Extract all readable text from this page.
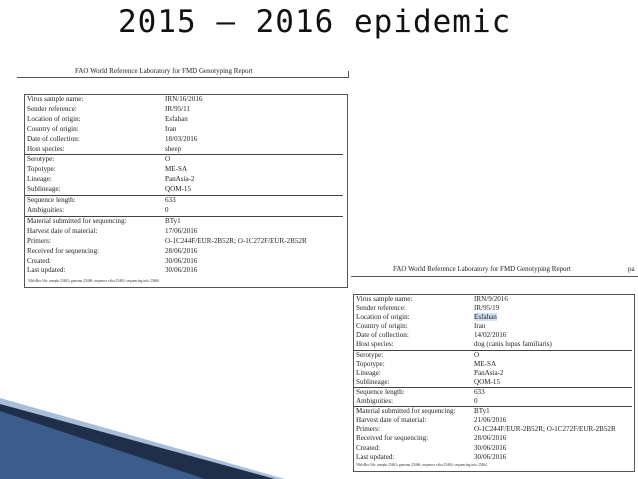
2015 – 2016 epidemic
FAO World Reference Laboratory for FMD Genotyping Report
Virus sample name:	IRN/16/2016
Sender reference:	IR/95/11
Location of origin:	Esfahan
Country of origin:	Iran
Date of collection:	18/03/2016
Host species:	sheep
Serotype:	O
Topotype:	ME-SA
Lineage:	PanAsia-2
Sublineage:	QOM-15
Sequence length:	633
Ambiguities:	0
Material submitted for sequencing:	BTy1
Harvest date of material:	17/06/2016
Primers:	O-1C244F/EUR-2B52R; O-1C272F/EUR-2B52R
Received for sequencing:	28/06/2016
Created:	30/06/2016
Last updated:	30/06/2016
VibIsRec file: sample 25465; genome 25468; sequence vibu 25465; sequencing info 25466
FAO World Reference Laboratory for FMD Genotyping Report	pa
Virus sample name:	IRN/9/2016
Sender reference:	IR/95/19
Location of origin:	Esfahan
Country of origin:	Iran
Date of collection:	14/02/2016
Host species:	dog (canis lupus familiaris)
Serotype:	O
Topotype:	ME-SA
Lineage:	PanAsia-2
Sublineage:	QOM-15
Sequence length:	633
Ambiguities:	0
Material submitted for sequencing:	BTy1
Harvest date of material:	21/06/2016
Primers:	O-1C244F/EUR-2B52R; O-1C272F/EUR-2B52R
Received for sequencing:	28/06/2016
Created:	30/06/2016
Last updated:	30/06/2016
VibIsRec file: sample 25463; genome 25466; sequence vibu 25463; sequencing info 25464
